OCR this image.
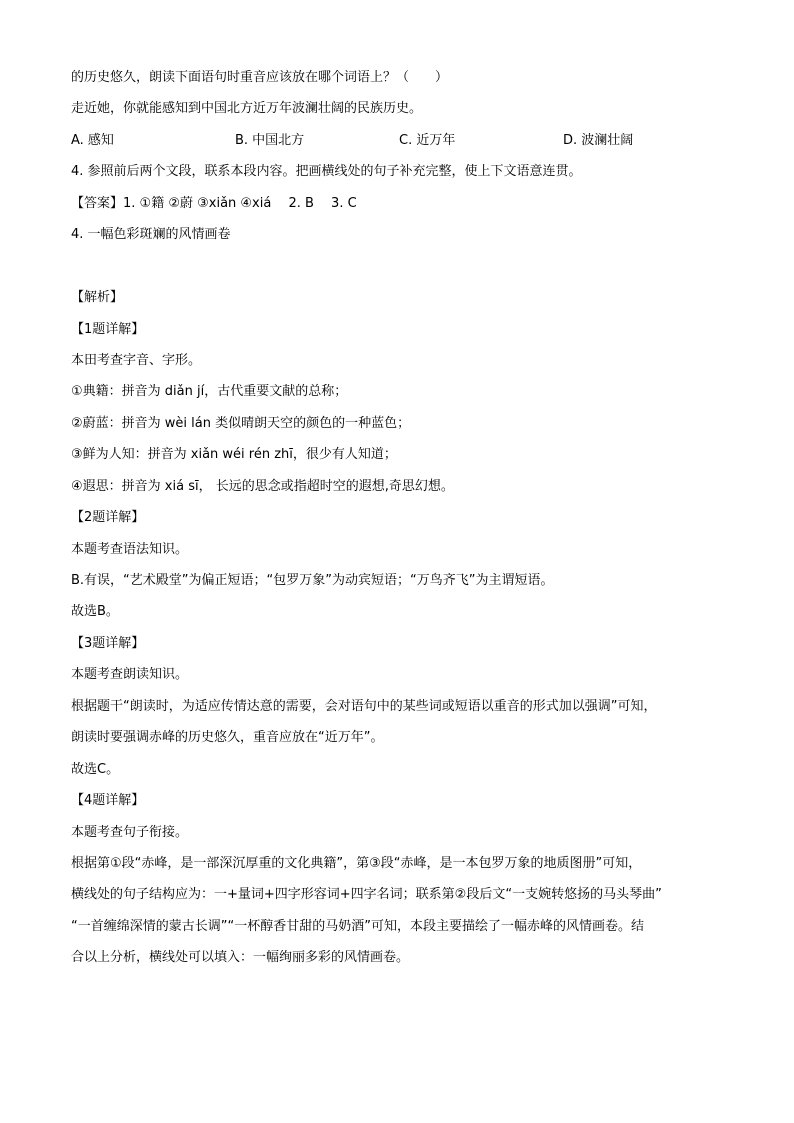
的历史悠久，朗读下面语句时重音应该放在哪个词语上？（　　）
走近她，你就能感知到中国北方近万年波澜壮阔的民族历史。
A. 感知	B. 中国北方	C. 近万年	D. 波澜壮阔
4. 参照前后两个文段，联系本段内容。把画横线处的句子补充完整，使上下文语意连贯。
【答案】1. ①籍 ②蔚 ③xiǎn ④xiá　 2. B　 3. C
4. 一幅色彩斑斓的风情画卷
【解析】
【1题详解】
本田考查字音、字形。
①典籍：拼音为 diǎn jí，古代重要文献的总称；
②蔚蓝：拼音为 wèi lán 类似晴朗天空的颜色的一种蓝色；
③鲜为人知：拼音为 xiǎn wéi rén zhī，很少有人知道；
④遐思：拼音为 xiá sī， 长远的思念或指超时空的遐想,奇思幻想。
【2题详解】
本题考查语法知识。
B.有误，“艺术殿堂”为偏正短语；“包罗万象”为动宾短语；“万鸟齐飞”为主谓短语。
故选B。
【3题详解】
本题考查朗读知识。
根据题干“朗读时，为适应传情达意的需要，会对语句中的某些词或短语以重音的形式加以强调”可知，
朗读时要强调赤峰的历史悠久，重音应放在“近万年”。
故选C。
【4题详解】
本题考查句子衔接。
根据第①段“赤峰，是一部深沉厚重的文化典籍”，第③段“赤峰，是一本包罗万象的地质图册”可知，
横线处的句子结构应为：一+量词+四字形容词+四字名词；联系第②段后文“一支婉转悠扬的马头琴曲”
“一首缠绵深情的蒙古长调”“一杯醇香甘甜的马奶酒”可知，本段主要描绘了一幅赤峰的风情画卷。结
合以上分析，横线处可以填入：一幅绚丽多彩的风情画卷。
